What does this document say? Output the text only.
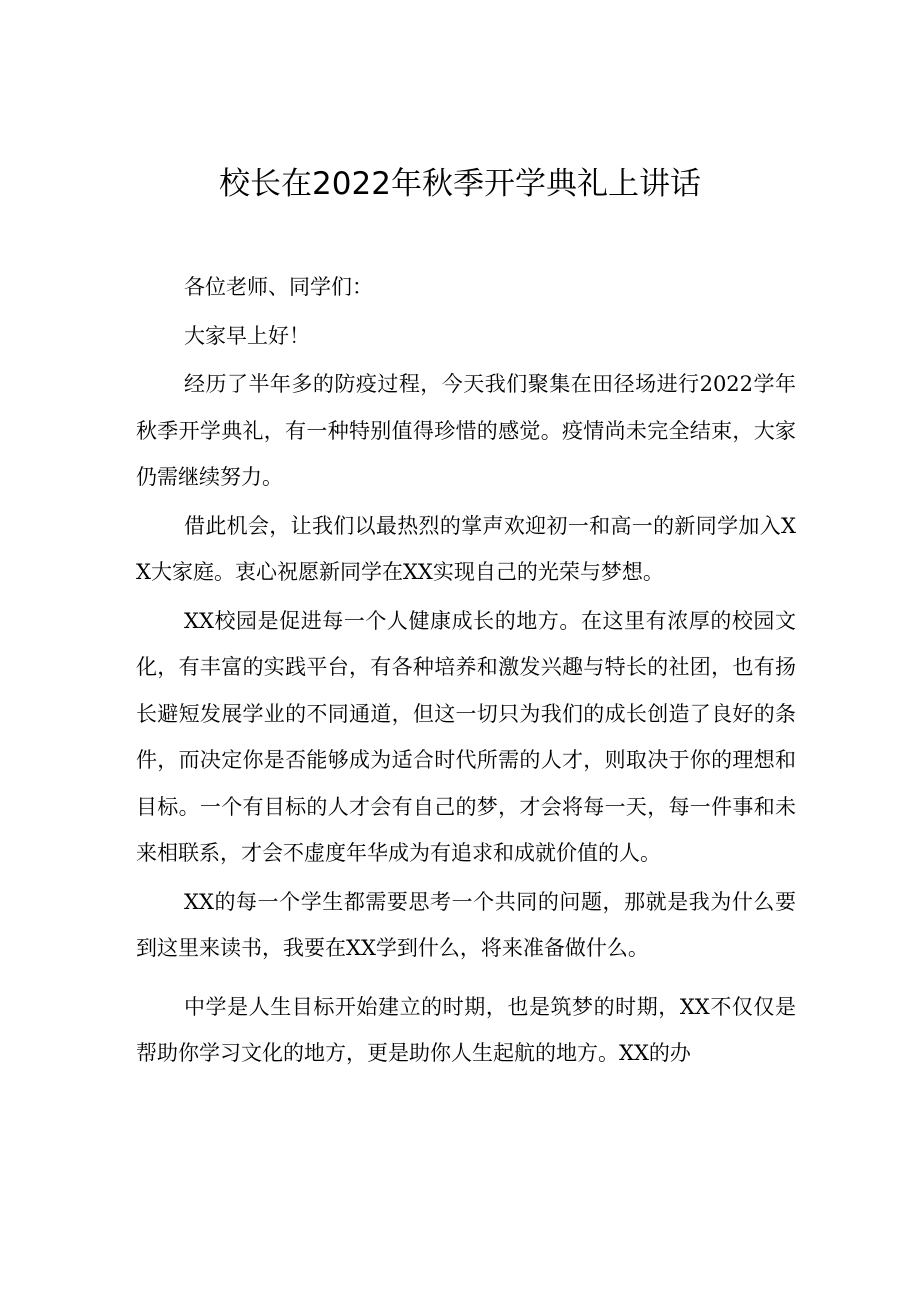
校长在2022年秋季开学典礼上讲话

各位老师、同学们：

大家早上好！

经历了半年多的防疫过程，今天我们聚集在田径场进行2022学年秋季开学典礼，有一种特别值得珍惜的感觉。疫情尚未完全结束，大家仍需继续努力。

借此机会，让我们以最热烈的掌声欢迎初一和高一的新同学加入XX大家庭。衷心祝愿新同学在XX实现自己的光荣与梦想。

XX校园是促进每一个人健康成长的地方。在这里有浓厚的校园文化，有丰富的实践平台，有各种培养和激发兴趣与特长的社团，也有扬长避短发展学业的不同通道，但这一切只为我们的成长创造了良好的条件，而决定你是否能够成为适合时代所需的人才，则取决于你的理想和目标。一个有目标的人才会有自己的梦，才会将每一天，每一件事和未来相联系，才会不虚度年华成为有追求和成就价值的人。

XX的每一个学生都需要思考一个共同的问题，那就是我为什么要到这里来读书，我要在XX学到什么，将来准备做什么。

中学是人生目标开始建立的时期，也是筑梦的时期，XX不仅仅是帮助你学习文化的地方，更是助你人生起航的地方。XX的办
